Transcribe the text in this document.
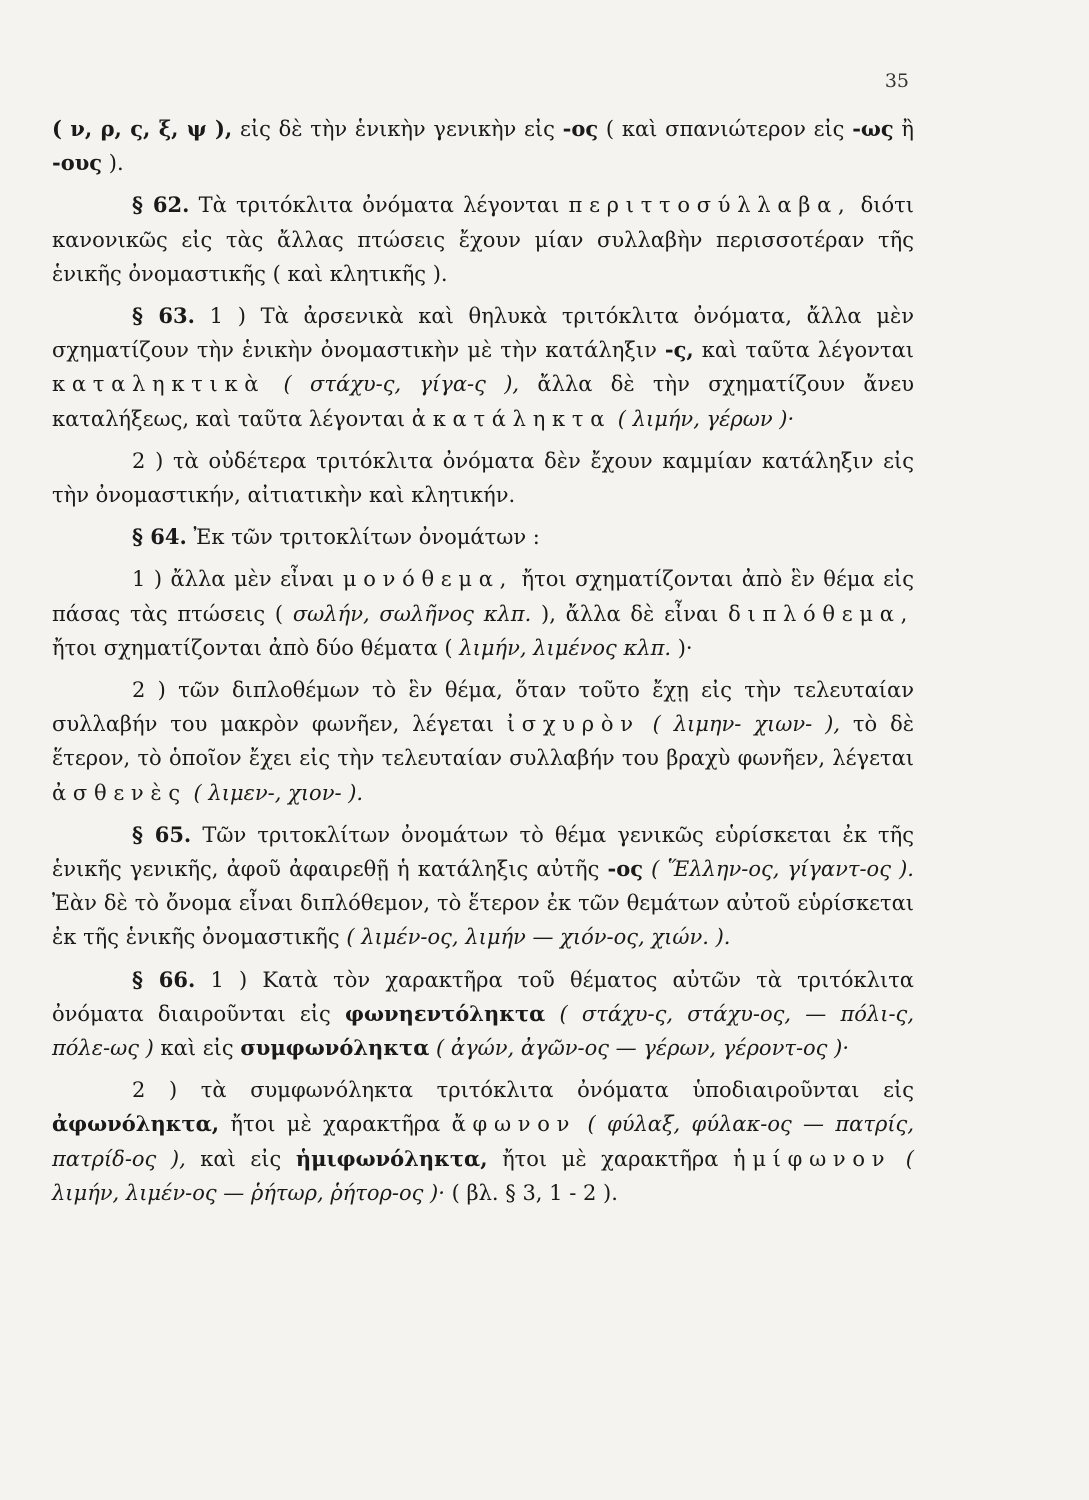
35

( ν, ρ, ς, ξ, ψ ), εἰς δὲ τὴν ἑνικὴν γενικὴν εἰς -ος ( καὶ σπανιώτερον εἰς -ως ἢ -ους ).

§ 62. Τὰ τριτόκλιτα ὀνόματα λέγονται περιττοσύλλαβα, διότι κανονικῶς εἰς τὰς ἄλλας πτώσεις ἔχουν μίαν συλλαβὴν περισσοτέραν τῆς ἑνικῆς ὀνομαστικῆς ( καὶ κλητικῆς ).

§ 63. 1 ) Τὰ ἀρσενικὰ καὶ θηλυκὰ τριτόκλιτα ὀνόματα, ἄλλα μὲν σχηματίζουν τὴν ἑνικὴν ὀνομαστικὴν μὲ τὴν κατάληξιν -ς, καὶ ταῦτα λέγονται καταληκτικὰ ( στάχυ-ς, γίγα-ς ), ἄλλα δὲ τὴν σχηματίζουν ἄνευ καταλήξεως, καὶ ταῦτα λέγονται ἀκατάληκτα ( λιμήν, γέρων )·

2 ) τὰ οὐδέτερα τριτόκλιτα ὀνόματα δὲν ἔχουν καμμίαν κατάληξιν εἰς τὴν ὀνομαστικήν, αἰτιατικὴν καὶ κλητικήν.

§ 64. Ἐκ τῶν τριτοκλίτων ὀνομάτων :

1 ) ἄλλα μὲν εἶναι μονόθεμα, ἤτοι σχηματίζονται ἀπὸ ἓν θέμα εἰς πάσας τὰς πτώσεις ( σωλήν, σωλῆνος κλπ. ), ἄλλα δὲ εἶναι διπλόθεμα, ἤτοι σχηματίζονται ἀπὸ δύο θέματα ( λιμήν, λιμένος κλπ. )·

2 ) τῶν διπλοθέμων τὸ ἓν θέμα, ὅταν τοῦτο ἔχῃ εἰς τὴν τελευταίαν συλλαβήν του μακρὸν φωνῆεν, λέγεται ἰσχυρὸν ( λιμην- χιων- ), τὸ δὲ ἕτερον, τὸ ὁποῖον ἔχει εἰς τὴν τελευταίαν συλλαβήν του βραχὺ φωνῆεν, λέγεται ἀσθενὲς ( λιμεν-, χιον- ).

§ 65. Τῶν τριτοκλίτων ὀνομάτων τὸ θέμα γενικῶς εὑρίσκεται ἐκ τῆς ἑνικῆς γενικῆς, ἀφοῦ ἀφαιρεθῇ ἡ κατάληξις αὐτῆς -ος ( Ἕλλην-ος, γίγαντ-ος ). Ἐὰν δὲ τὸ ὄνομα εἶναι διπλόθεμον, τὸ ἕτερον ἐκ τῶν θεμάτων αὐτοῦ εὑρίσκεται ἐκ τῆς ἑνικῆς ὀνομαστικῆς ( λιμέν-ος, λιμήν — χιόν-ος, χιών. ).

§ 66. 1 ) Κατὰ τὸν χαρακτῆρα τοῦ θέματος αὐτῶν τὰ τριτόκλιτα ὀνόματα διαιροῦνται εἰς φωνηεντόληκτα ( στάχυ-ς, στάχυ-ος, — πόλι-ς, πόλε-ως ) καὶ εἰς συμφωνόληκτα ( ἀγών, ἀγῶν-ος — γέρων, γέροντ-ος )·

2 ) τὰ συμφωνόληκτα τριτόκλιτα ὀνόματα ὑποδιαιροῦνται εἰς ἀφωνόληκτα, ἤτοι μὲ χαρακτῆρα ἄφωνον ( φύλαξ, φύλακ-ος — πατρίς, πατρίδ-ος ), καὶ εἰς ἡμιφωνόληκτα, ἤτοι μὲ χαρακτῆρα ἡμίφωνον ( λιμήν, λιμέν-ος — ῥήτωρ, ῥήτορ-ος )· ( βλ. § 3, 1 - 2 ).
